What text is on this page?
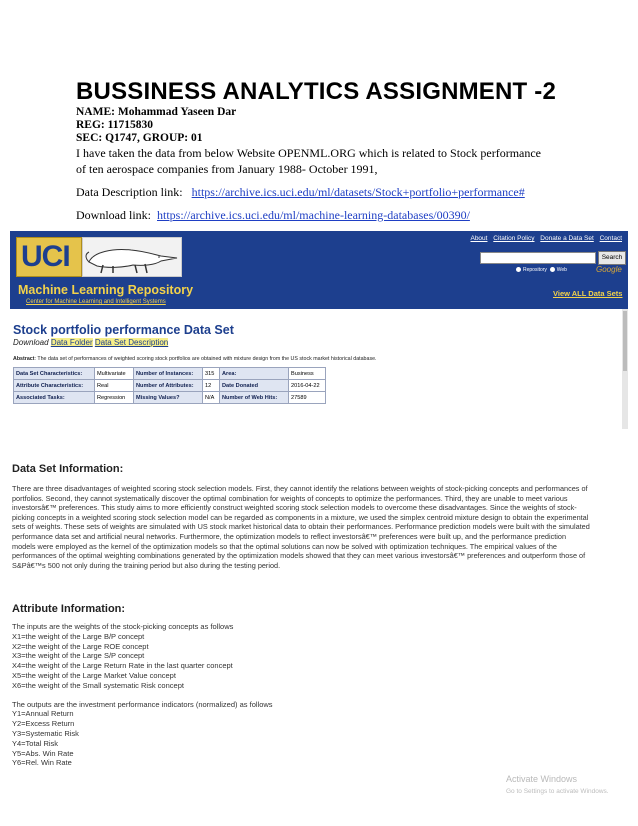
BUSSINESS ANALYTICS ASSIGNMENT -2

NAME: Mohammad Yaseen Dar

REG: 11715830

SEC: Q1747, GROUP: 01

I have taken the data from below Website OPENML.ORG which is related to Stock performance

of ten aerospace companies from January 1988- October 1991,

Data Description link: https://archive.ics.uci.edu/ml/datasets/Stock+portfolio+performance#

Download link: https://archive.ics.uci.edu/ml/machine-learning-databases/00390/

UCI
About Citation Policy Donate a Data Set Contact
Search
Repository Web	Google
Machine Learning Repository
Center for Machine Learning and Intelligent Systems
View ALL Data Sets
Stock portfolio performance Data Set
Download Data Folder Data Set Description
Abstract: The data set of performances of weighted scoring stock portfolios are obtained with mixture design from the US stock market historical database.
Data Set Characteristics:	Multivariate	Number of Instances:	315	Area:	Business
Attribute Characteristics:	Real	Number of Attributes:	12	Date Donated	2016-04-22
Associated Tasks:	Regression	Missing Values?	N/A	Number of Web Hits:	27589

Data Set Information:

There are three disadvantages of weighted scoring stock selection models. First, they cannot identify the relations between weights of stock-picking concepts and performances of

portfolios. Second, they cannot systematically discover the optimal combination for weights of concepts to optimize the performances. Third, they are unable to meet various

investorsâ€™ preferences. This study aims to more efficiently construct weighted scoring stock selection models to overcome these disadvantages. Since the weights of stock-

picking concepts in a weighted scoring stock selection model can be regarded as components in a mixture, we used the simplex centroid mixture design to obtain the experimental

sets of weights. These sets of weights are simulated with US stock market historical data to obtain their performances. Performance prediction models were built with the simulated

performance data set and artificial neural networks. Furthermore, the optimization models to reflect investorsâ€™ preferences were built up, and the performance prediction

models were employed as the kernel of the optimization models so that the optimal solutions can now be solved with optimization techniques. The empirical values of the

performances of the optimal weighting combinations generated by the optimization models showed that they can meet various investorsâ€™ preferences and outperform those of

S&Pâ€™s 500 not only during the training period but also during the testing period.

Attribute Information:

The inputs are the weights of the stock-picking concepts as follows

X1=the weight of the Large B/P concept

X2=the weight of the Large ROE concept

X3=the weight of the Large S/P concept

X4=the weight of the Large Return Rate in the last quarter concept

X5=the weight of the Large Market Value concept

X6=the weight of the Small systematic Risk concept

The outputs are the investment performance indicators (normalized) as follows

Y1=Annual Return

Y2=Excess Return

Y3=Systematic Risk

Y4=Total Risk

Y5=Abs. Win Rate

Y6=Rel. Win Rate

Activate Windows
Go to Settings to activate Windows.
